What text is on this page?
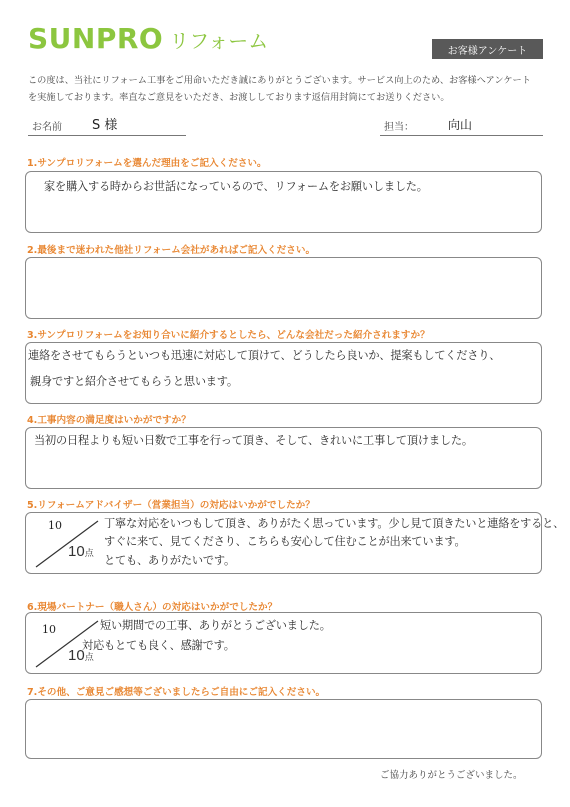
SUNPRO リフォーム	お客様アンケート
この度は、当社にリフォーム工事をご用命いただき誠にありがとうございます。サービス向上のため、お客様へアンケート
を実施しております。率直なご意見をいただき、お渡ししております返信用封筒にてお送りください。
お名前 S 様	担当：	向山
1.サンプロリフォームを選んだ理由をご記入ください。
家を購入する時からお世話になっているので、リフォームをお願いしました。
2.最後まで迷われた他社リフォーム会社があればご記入ください。
3.サンプロリフォームをお知り合いに紹介するとしたら、どんな会社だった紹介されますか？
連絡をさせてもらうといつも迅速に対応して頂けて、どうしたら良いか、提案もしてくださり、
親身ですと紹介させてもらうと思います。
4.工事内容の満足度はいかがですか？
当初の日程よりも短い日数で工事を行って頂き、そして、きれいに工事して頂けました。
5.リフォームアドバイザー（営業担当）の対応はいかがでしたか？
10
10点
丁寧な対応をいつもして頂き、ありがたく思っています。少し見て頂きたいと連絡をすると、
すぐに来て、見てくださり、こちらも安心して住むことが出来ています。
とても、ありがたいです。
6.現場パートナー（職人さん）の対応はいかがでしたか？
10
10点
短い期間での工事、ありがとうございました。
対応もとても良く、感謝です。
7.その他、ご意見ご感想等ございましたらご自由にご記入ください。
ご協力ありがとうございました。
